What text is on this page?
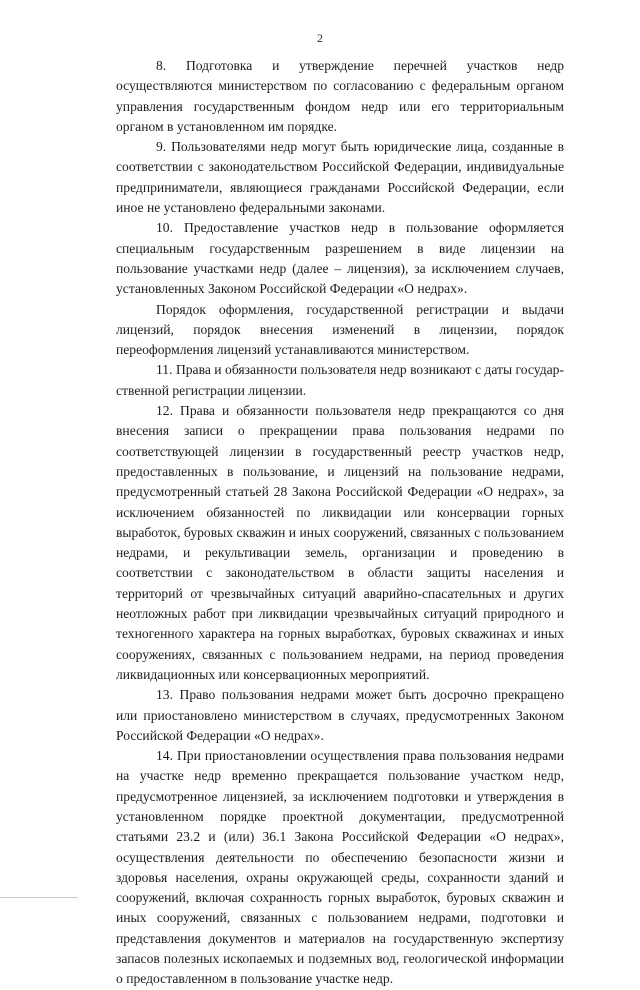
2

8. Подготовка и утверждение перечней участков недр осуществляются министерством по согласованию с федеральным органом управления государственным фондом недр или его территориальным органом в установленном им порядке.

9. Пользователями недр могут быть юридические лица, созданные в соответствии с законодательством Российской Федерации, индивидуальные предприниматели, являющиеся гражданами Российской Федерации, если иное не установлено федеральными законами.

10. Предоставление участков недр в пользование оформляется специальным государственным разрешением в виде лицензии на пользование участками недр (далее – лицензия), за исключением случаев, установленных Законом Российской Федерации «О недрах».

Порядок оформления, государственной регистрации и выдачи лицензий, порядок внесения изменений в лицензии, порядок переоформления лицензий устанавливаются министерством.

11. Права и обязанности пользователя недр возникают с даты государственной регистрации лицензии.

12. Права и обязанности пользователя недр прекращаются со дня внесения записи о прекращении права пользования недрами по соответствующей лицензии в государственный реестр участков недр, предоставленных в пользование, и лицензий на пользование недрами, предусмотренный статьей 28 Закона Российской Федерации «О недрах», за исключением обязанностей по ликвидации или консервации горных выработок, буровых скважин и иных сооружений, связанных с пользованием недрами, и рекультивации земель, организации и проведению в соответствии с законодательством в области защиты населения и территорий от чрезвычайных ситуаций аварийно-спасательных и других неотложных работ при ликвидации чрезвычайных ситуаций природного и техногенного характера на горных выработках, буровых скважинах и иных сооружениях, связанных с пользованием недрами, на период проведения ликвидационных или консервационных мероприятий.

13. Право пользования недрами может быть досрочно прекращено или приостановлено министерством в случаях, предусмотренных Законом Российской Федерации «О недрах».

14. При приостановлении осуществления права пользования недрами на участке недр временно прекращается пользование участком недр, предусмотренное лицензией, за исключением подготовки и утверждения в установленном порядке проектной документации, предусмотренной статьями 23.2 и (или) 36.1 Закона Российской Федерации «О недрах», осуществления деятельности по обеспечению безопасности жизни и здоровья населения, охраны окружающей среды, сохранности зданий и сооружений, включая сохранность горных выработок, буровых скважин и иных сооружений, связанных с пользованием недрами, подготовки и представления документов и материалов на государственную экспертизу запасов полезных ископаемых и подземных вод, геологической информации о предоставленном в пользование участке недр.
